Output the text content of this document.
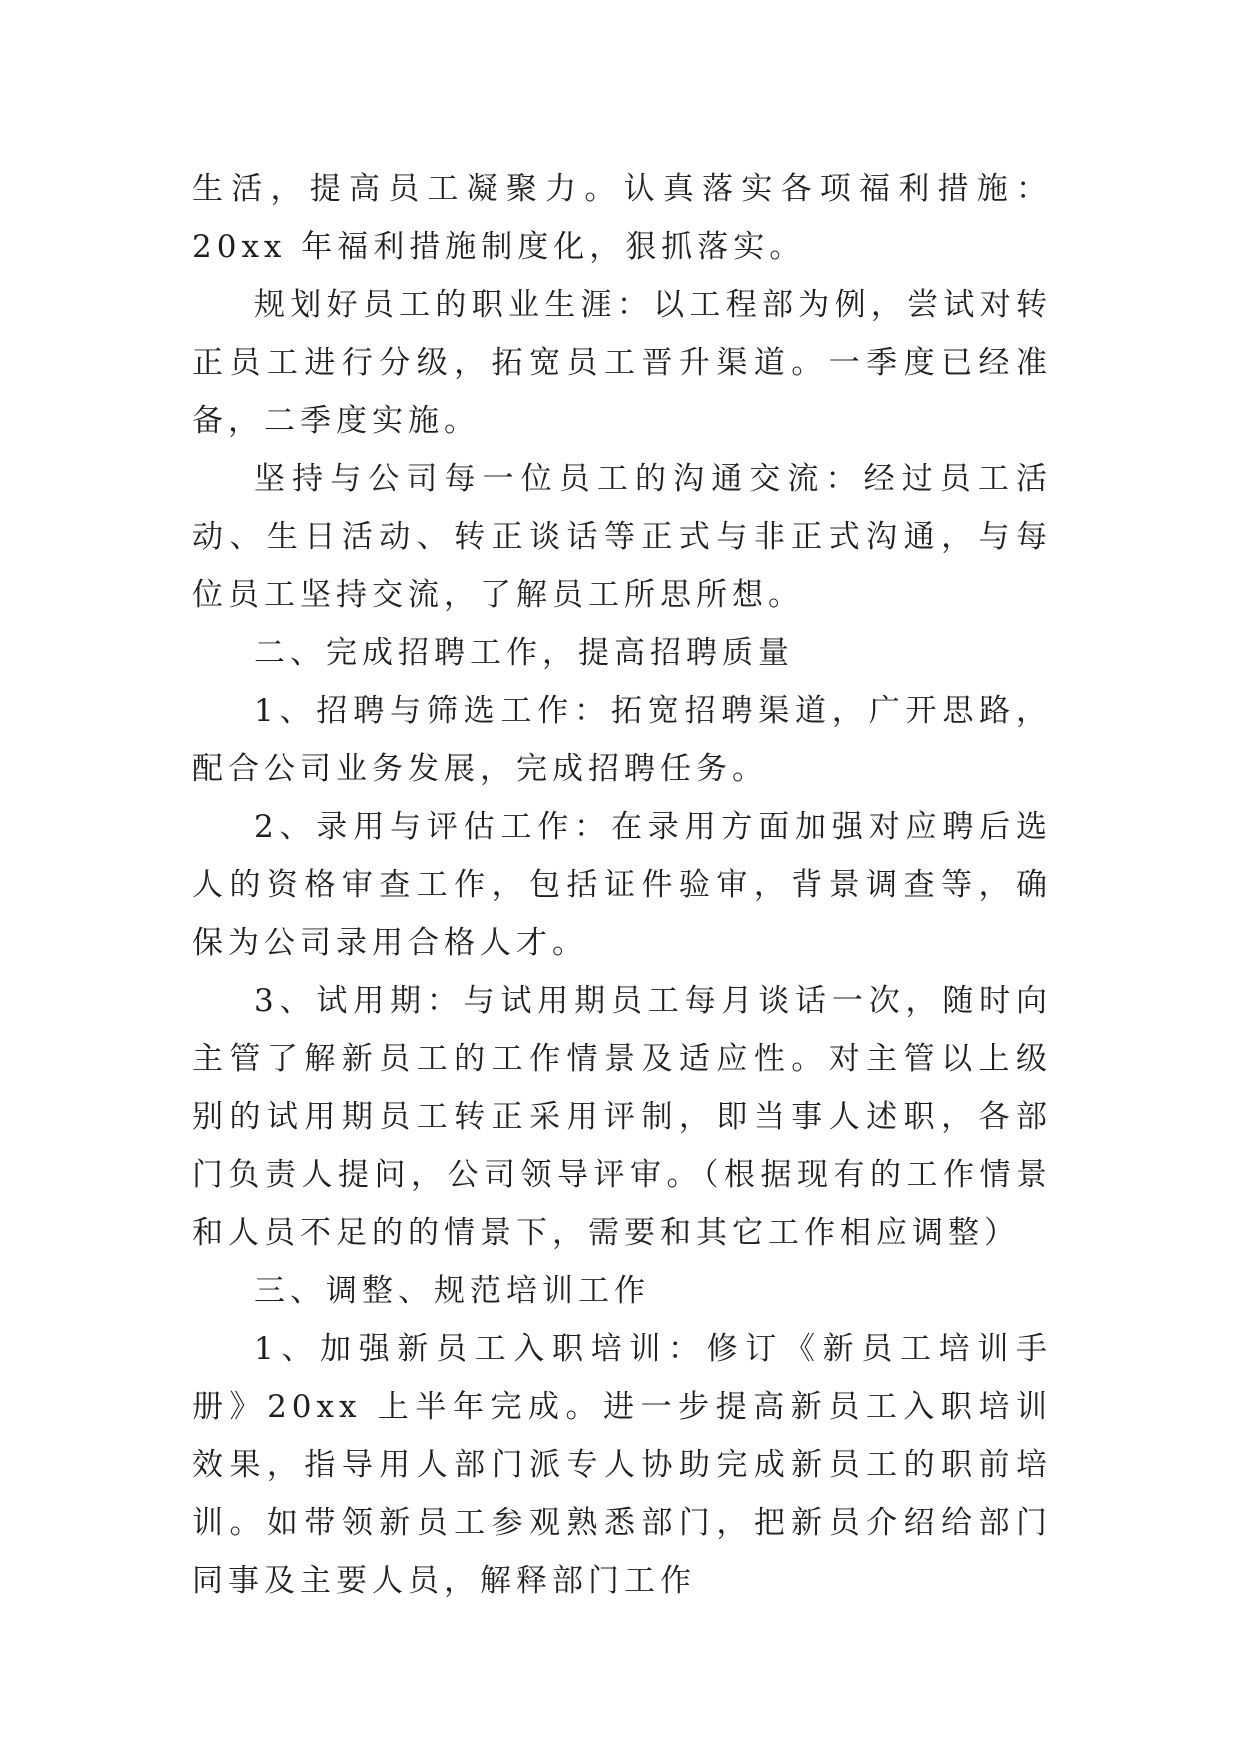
生活，提高员工凝聚力。认真落实各项福利措施：20xx 年福利措施制度化，狠抓落实。

规划好员工的职业生涯：以工程部为例，尝试对转正员工进行分级，拓宽员工晋升渠道。一季度已经准备，二季度实施。

坚持与公司每一位员工的沟通交流：经过员工活动、生日活动、转正谈话等正式与非正式沟通，与每位员工坚持交流，了解员工所思所想。

二、完成招聘工作，提高招聘质量

1、招聘与筛选工作：拓宽招聘渠道，广开思路，配合公司业务发展，完成招聘任务。

2、录用与评估工作：在录用方面加强对应聘后选人的资格审查工作，包括证件验审，背景调查等，确保为公司录用合格人才。

3、试用期：与试用期员工每月谈话一次，随时向主管了解新员工的工作情景及适应性。对主管以上级别的试用期员工转正采用评制，即当事人述职，各部门负责人提问，公司领导评审。（根据现有的工作情景和人员不足的的情景下，需要和其它工作相应调整）

三、调整、规范培训工作

1、加强新员工入职培训：修订《新员工培训手册》20xx 上半年完成。进一步提高新员工入职培训效果，指导用人部门派专人协助完成新员工的职前培训。如带领新员工参观熟悉部门，把新员介绍给部门同事及主要人员，解释部门工作
